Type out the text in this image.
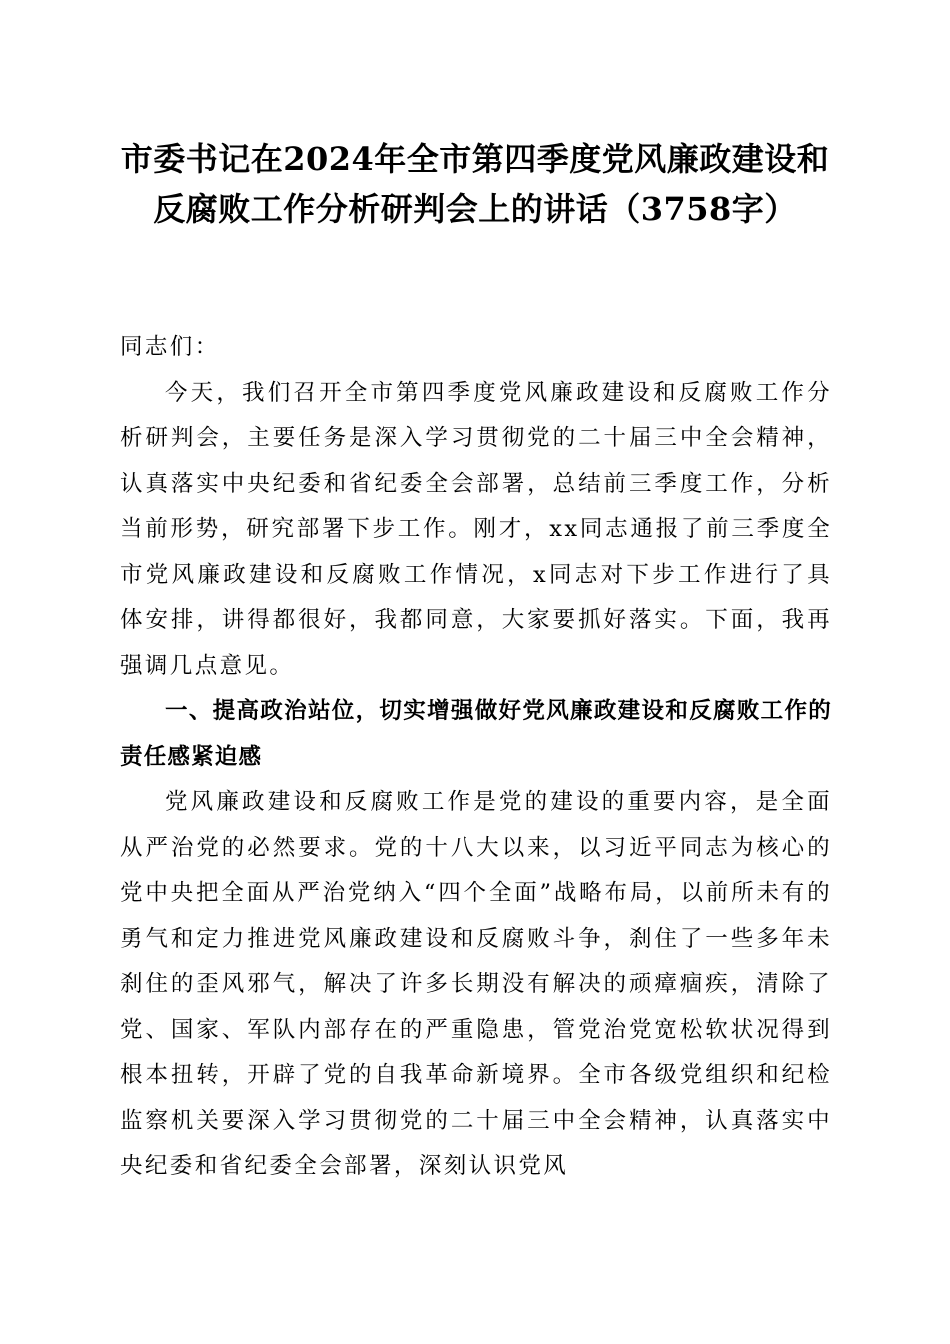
市委书记在2024年全市第四季度党风廉政建设和反腐败工作分析研判会上的讲话（3758字）

同志们：

今天，我们召开全市第四季度党风廉政建设和反腐败工作分析研判会，主要任务是深入学习贯彻党的二十届三中全会精神，认真落实中央纪委和省纪委全会部署，总结前三季度工作，分析当前形势，研究部署下步工作。刚才，xx同志通报了前三季度全市党风廉政建设和反腐败工作情况，x同志对下步工作进行了具体安排，讲得都很好，我都同意，大家要抓好落实。下面，我再强调几点意见。

一、提高政治站位，切实增强做好党风廉政建设和反腐败工作的责任感紧迫感

党风廉政建设和反腐败工作是党的建设的重要内容，是全面从严治党的必然要求。党的十八大以来，以习近平同志为核心的党中央把全面从严治党纳入“四个全面”战略布局，以前所未有的勇气和定力推进党风廉政建设和反腐败斗争，刹住了一些多年未刹住的歪风邪气，解决了许多长期没有解决的顽瘴痼疾，清除了党、国家、军队内部存在的严重隐患，管党治党宽松软状况得到根本扭转，开辟了党的自我革命新境界。全市各级党组织和纪检监察机关要深入学习贯彻党的二十届三中全会精神，认真落实中央纪委和省纪委全会部署，深刻认识党风
